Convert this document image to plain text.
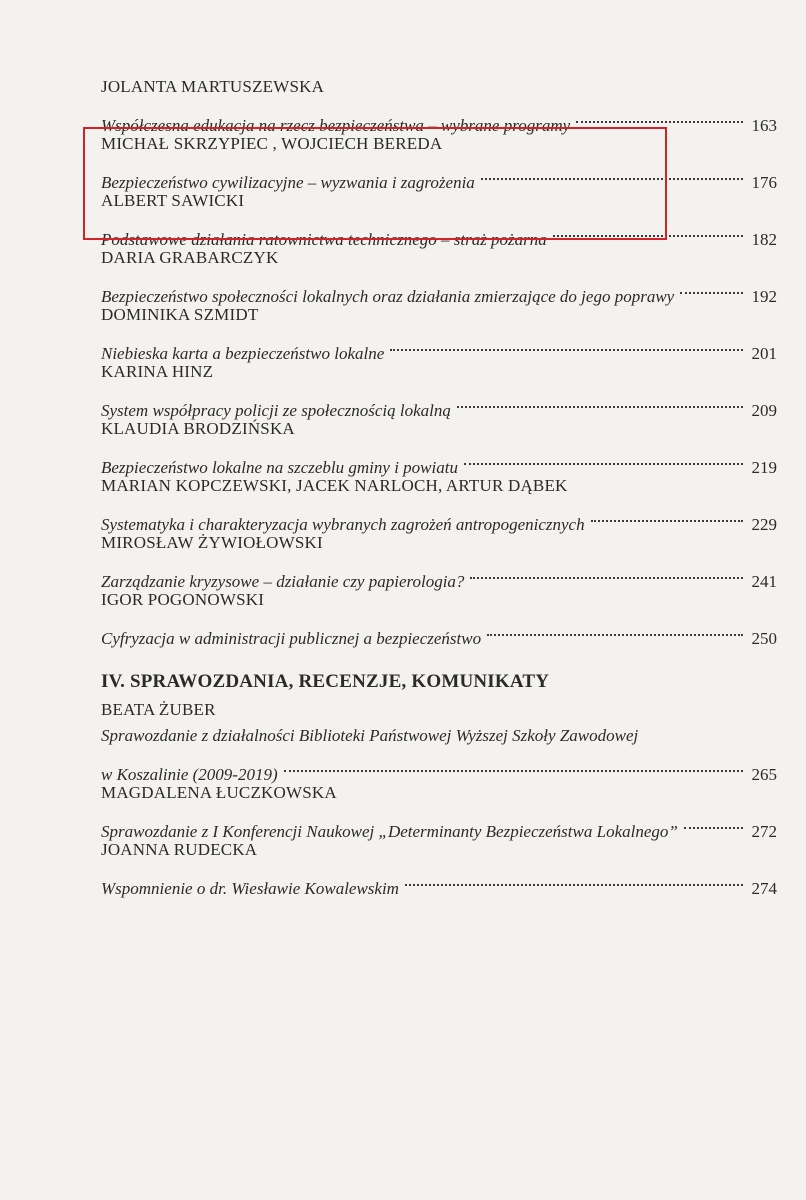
JOLANTA MARTUSZEWSKA
Współczesna edukacja na rzecz bezpieczeństwa – wybrane programy	163
MICHAŁ SKRZYPIEC , WOJCIECH BEREDA
Bezpieczeństwo cywilizacyjne – wyzwania i zagrożenia	176
ALBERT SAWICKI
Podstawowe działania ratownictwa technicznego – straż pożarna	182
DARIA GRABARCZYK
Bezpieczeństwo społeczności lokalnych oraz działania zmierzające do jego poprawy	192
DOMINIKA SZMIDT
Niebieska karta a bezpieczeństwo lokalne	201
KARINA HINZ
System współpracy policji ze społecznością lokalną	209
KLAUDIA BRODZIŃSKA
Bezpieczeństwo lokalne na szczeblu gminy i powiatu	219
MARIAN KOPCZEWSKI, JACEK NARLOCH, ARTUR DĄBEK
Systematyka i charakteryzacja wybranych zagrożeń antropogenicznych	229
MIROSŁAW ŻYWIOŁOWSKI
Zarządzanie kryzysowe – działanie czy papierologia?	241
IGOR POGONOWSKI
Cyfryzacja w administracji publicznej a bezpieczeństwo	250
IV. SPRAWOZDANIA, RECENZJE, KOMUNIKATY
BEATA ŻUBER
Sprawozdanie z działalności Biblioteki Państwowej Wyższej Szkoły Zawodowej
w Koszalinie (2009-2019)	265
MAGDALENA ŁUCZKOWSKA
Sprawozdanie z I Konferencji Naukowej „Determinanty Bezpieczeństwa Lokalnego”	272
JOANNA RUDECKA
Wspomnienie o dr. Wiesławie Kowalewskim	274
